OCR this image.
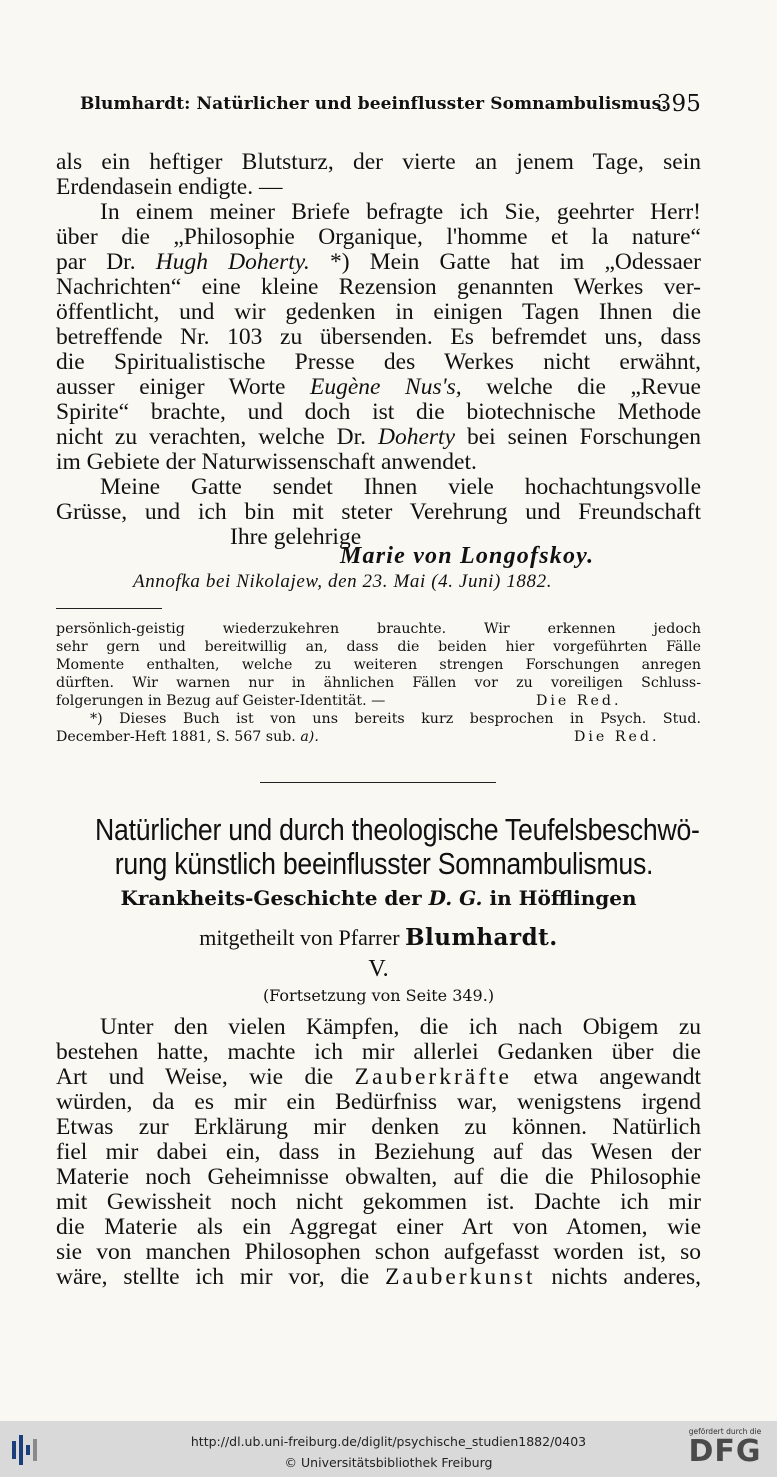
Blumhardt: Natürlicher und beeinflusster Somnambulismus.
395
als ein heftiger Blutsturz, der vierte an jenem Tage, sein
Erdendasein endigte. —
In einem meiner Briefe befragte ich Sie, geehrter Herr!
über die „Philosophie Organique, l'homme et la nature“
par Dr. Hugh Doherty. *) Mein Gatte hat im „Odessaer
Nachrichten“ eine kleine Rezension genannten Werkes ver-
öffentlicht, und wir gedenken in einigen Tagen Ihnen die
betreffende Nr. 103 zu übersenden. Es befremdet uns, dass
die Spiritualistische Presse des Werkes nicht erwähnt,
ausser einiger Worte Eugène Nus's, welche die „Revue
Spirite“ brachte, und doch ist die biotechnische Methode
nicht zu verachten, welche Dr. Doherty bei seinen Forschungen
im Gebiete der Naturwissenschaft anwendet.
Meine Gatte sendet Ihnen viele hochachtungsvolle
Grüsse, und ich bin mit steter Verehrung und Freundschaft
Ihre gelehrige
Marie von Longofskoy.
Annofka bei Nikolajew, den 23. Mai (4. Juni) 1882.
persönlich-geistig wiederzukehren brauchte. Wir erkennen jedoch
sehr gern und bereitwillig an, dass die beiden hier vorgeführten Fälle
Momente enthalten, welche zu weiteren strengen Forschungen anregen
dürften. Wir warnen nur in ähnlichen Fällen vor zu voreiligen Schluss-
folgerungen in Bezug auf Geister-Identität. —	Die Red.
*) Dieses Buch ist von uns bereits kurz besprochen in Psych. Stud.
December-Heft 1881, S. 567 sub. a).	Die Red.
Natürlicher und durch theologische Teufelsbeschwö-
rung künstlich beeinflusster Somnambulismus.
Krankheits-Geschichte der D. G. in Höfflingen
mitgetheilt von Pfarrer Blumhardt.
V.
(Fortsetzung von Seite 349.)
Unter den vielen Kämpfen, die ich nach Obigem zu
bestehen hatte, machte ich mir allerlei Gedanken über die
Art und Weise, wie die Zauberkräfte etwa angewandt
würden, da es mir ein Bedürfniss war, wenigstens irgend
Etwas zur Erklärung mir denken zu können. Natürlich
fiel mir dabei ein, dass in Beziehung auf das Wesen der
Materie noch Geheimnisse obwalten, auf die die Philosophie
mit Gewissheit noch nicht gekommen ist. Dachte ich mir
die Materie als ein Aggregat einer Art von Atomen, wie
sie von manchen Philosophen schon aufgefasst worden ist, so
wäre, stellte ich mir vor, die Zauberkunst nichts anderes,
http://dl.ub.uni-freiburg.de/diglit/psychische_studien1882/0403
© Universitätsbibliothek Freiburg
gefördert durch die
DFG
